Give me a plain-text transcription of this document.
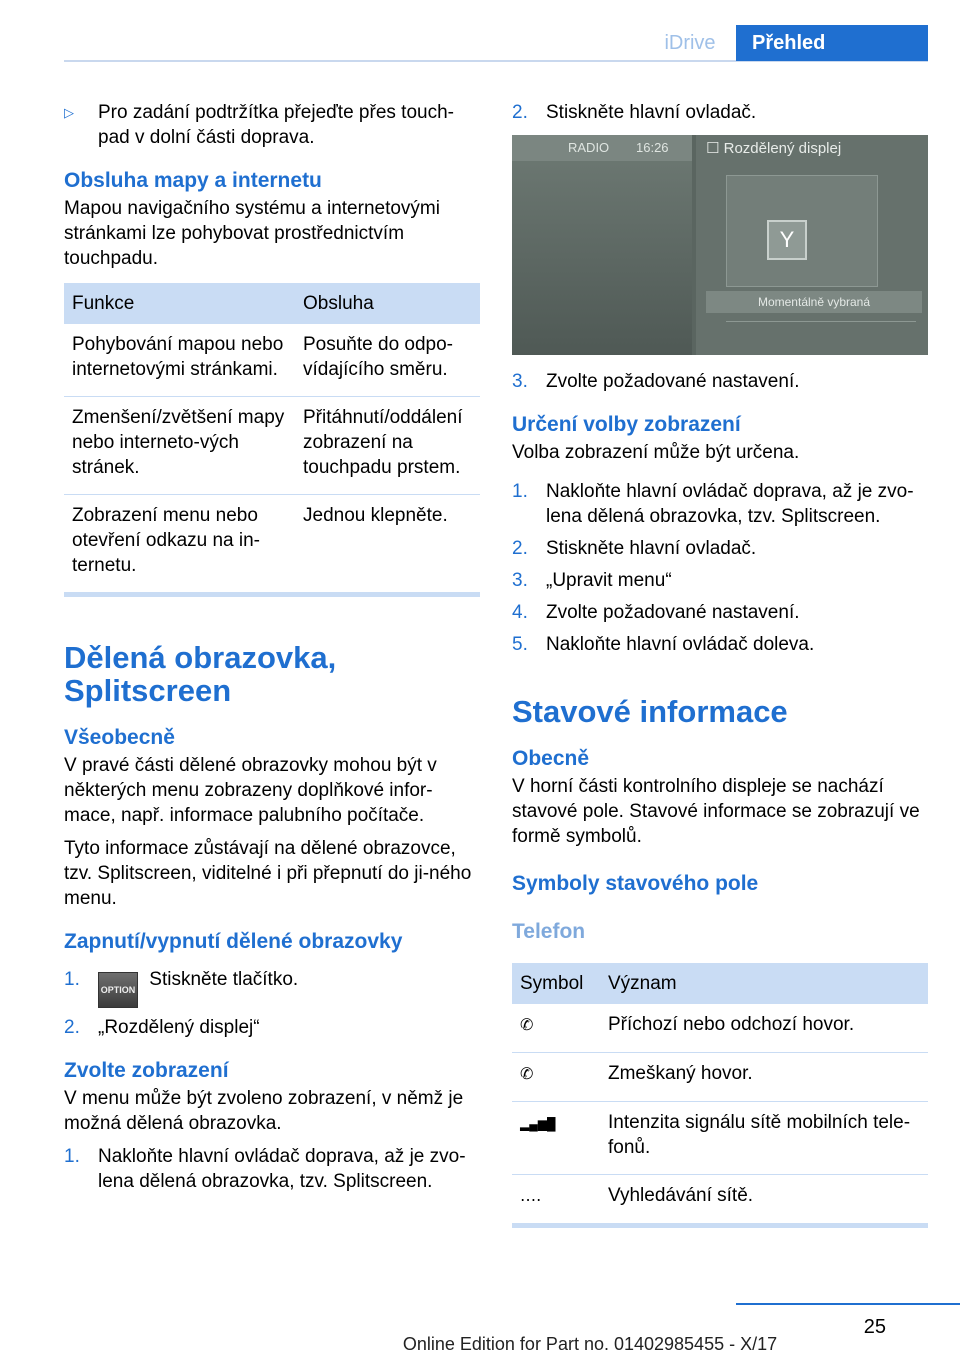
iDrive	Přehled
▷	Pro zadání podtržítka přejeďte přes touch-pad v dolní části doprava.
Obsluha mapy a internetu

Mapou navigačního systému a internetovými stránkami lze pohybovat prostřednictvím touchpadu.

Funkce	Obsluha
Pohybování mapou nebo internetovými stránkami.	Posuňte do odpo-vídajícího směru.
Zmenšení/zvětšení mapy nebo interneto-vých stránek.	Přitáhnutí/oddálení zobrazení na touchpadu prstem.
Zobrazení menu nebo otevření odkazu na in-ternetu.	Jednou klepněte.
Dělená obrazovka,
Splitscreen
Všeobecně

V pravé části dělené obrazovky mohou být v některých menu zobrazeny doplňkové infor-mace, např. informace palubního počítače.

Tyto informace zůstávají na dělené obrazovce, tzv. Splitscreen, viditelné i při přepnutí do ji-ného menu.

Zapnutí/vypnutí dělené obrazovky
1.	OPTION Stiskněte tlačítko.
2. „Rozdělený displej“
Zvolte zobrazení

V menu může být zvoleno zobrazení, v němž je možná dělená obrazovka.

1. Nakloňte hlavní ovládač doprava, až je zvo-lena dělená obrazovka, tzv. Splitscreen.
2. Stiskněte hlavní ovladač.
RADIO 16:26 ☐ Rozdělený displej
Y
Momentálně vybraná
3. Zvolte požadované nastavení.
Určení volby zobrazení

Volba zobrazení může být určena.

1. Nakloňte hlavní ovládač doprava, až je zvo-lena dělená obrazovka, tzv. Splitscreen.
2. Stiskněte hlavní ovladač.
3. „Upravit menu“
4. Zvolte požadované nastavení.
5. Nakloňte hlavní ovládač doleva.
Stavové informace
Obecně

V horní části kontrolního displeje se nachází stavové pole. Stavové informace se zobrazují ve formě symbolů.

Symboly stavového pole
Telefon
Symbol	Význam
✆	Příchozí nebo odchozí hovor.
✆	Zmeškaný hovor.
▂▄▆█	Intenzita signálu sítě mobilních tele-fonů.
․․․․	Vyhledávání sítě.
25
Online Edition for Part no. 01402985455 - X/17
